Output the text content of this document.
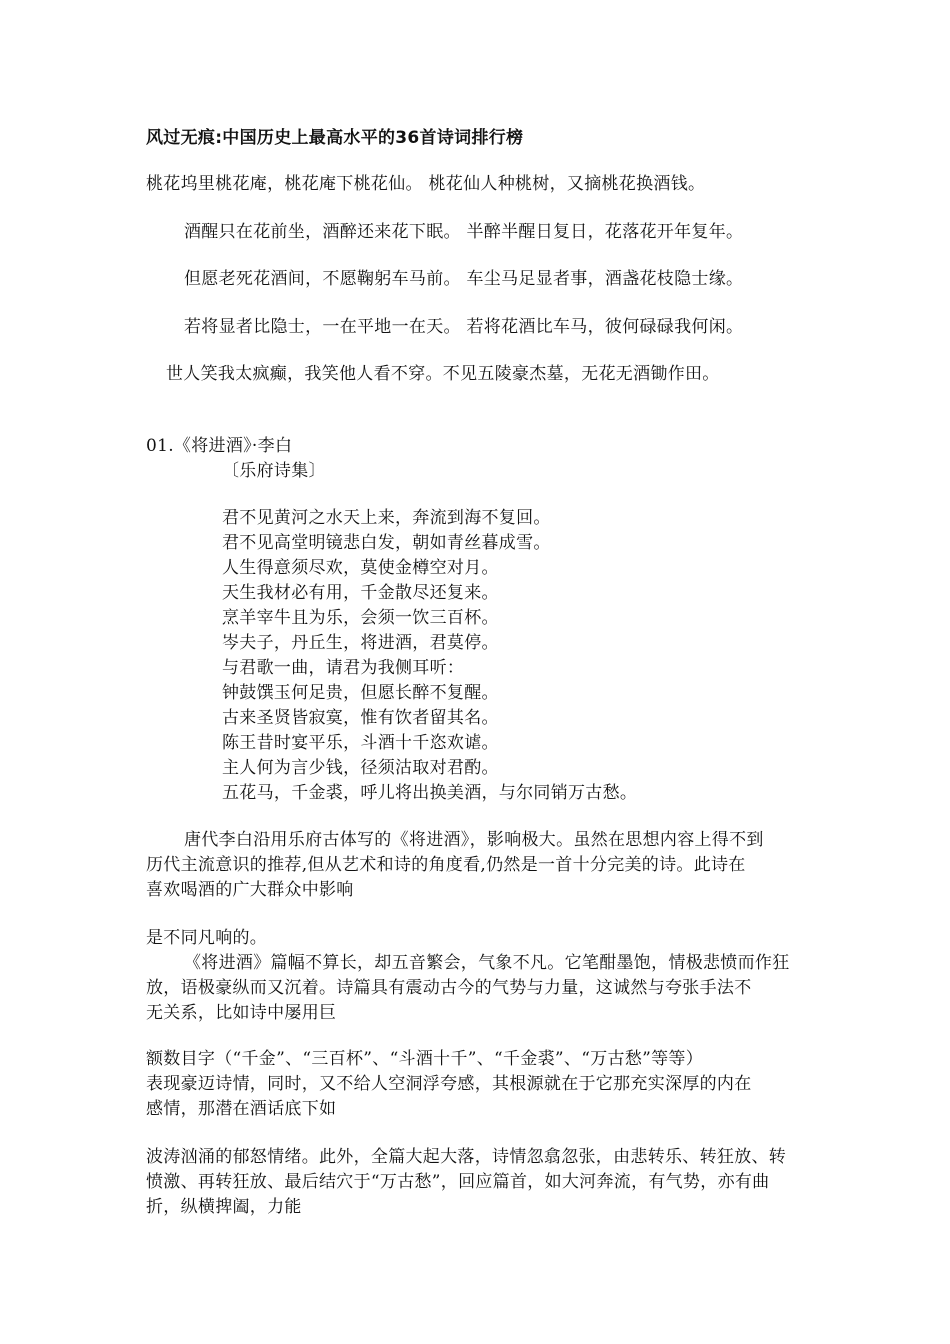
风过无痕:中国历史上最高水平的36首诗词排行榜
桃花坞里桃花庵，桃花庵下桃花仙。 桃花仙人种桃树，又摘桃花换酒钱。
酒醒只在花前坐，酒醉还来花下眠。 半醉半醒日复日，花落花开年复年。
但愿老死花酒间，不愿鞠躬车马前。 车尘马足显者事，酒盏花枝隐士缘。
若将显者比隐士，一在平地一在天。 若将花酒比车马，彼何碌碌我何闲。
世人笑我太疯癫，我笑他人看不穿。不见五陵豪杰墓，无花无酒锄作田。
01.《将进酒》·李白
〔乐府诗集〕
君不见黄河之水天上来，奔流到海不复回。
君不见高堂明镜悲白发，朝如青丝暮成雪。
人生得意须尽欢，莫使金樽空对月。
天生我材必有用，千金散尽还复来。
烹羊宰牛且为乐，会须一饮三百杯。
岑夫子，丹丘生，将进酒，君莫停。
与君歌一曲，请君为我侧耳听：
钟鼓馔玉何足贵，但愿长醉不复醒。
古来圣贤皆寂寞，惟有饮者留其名。
陈王昔时宴平乐，斗酒十千恣欢谑。
主人何为言少钱，径须沽取对君酌。
五花马，千金裘，呼儿将出换美酒，与尔同销万古愁。
唐代李白沿用乐府古体写的《将进酒》，影响极大。虽然在思想内容上得不到
历代主流意识的推荐,但从艺术和诗的角度看,仍然是一首十分完美的诗。此诗在
喜欢喝酒的广大群众中影响
是不同凡响的。
《将进酒》篇幅不算长，却五音繁会，气象不凡。它笔酣墨饱，情极悲愤而作狂
放，语极豪纵而又沉着。诗篇具有震动古今的气势与力量，这诚然与夸张手法不
无关系，比如诗中屡用巨
额数目字（“千金”、“三百杯”、“斗酒十千”、“千金裘”、“万古愁”等等）
表现豪迈诗情，同时，又不给人空洞浮夸感，其根源就在于它那充实深厚的内在
感情，那潜在酒话底下如
波涛汹涌的郁怒情绪。此外，全篇大起大落，诗情忽翕忽张，由悲转乐、转狂放、转
愤激、再转狂放、最后结穴于“万古愁”，回应篇首，如大河奔流，有气势，亦有曲
折，纵横捭阖，力能
